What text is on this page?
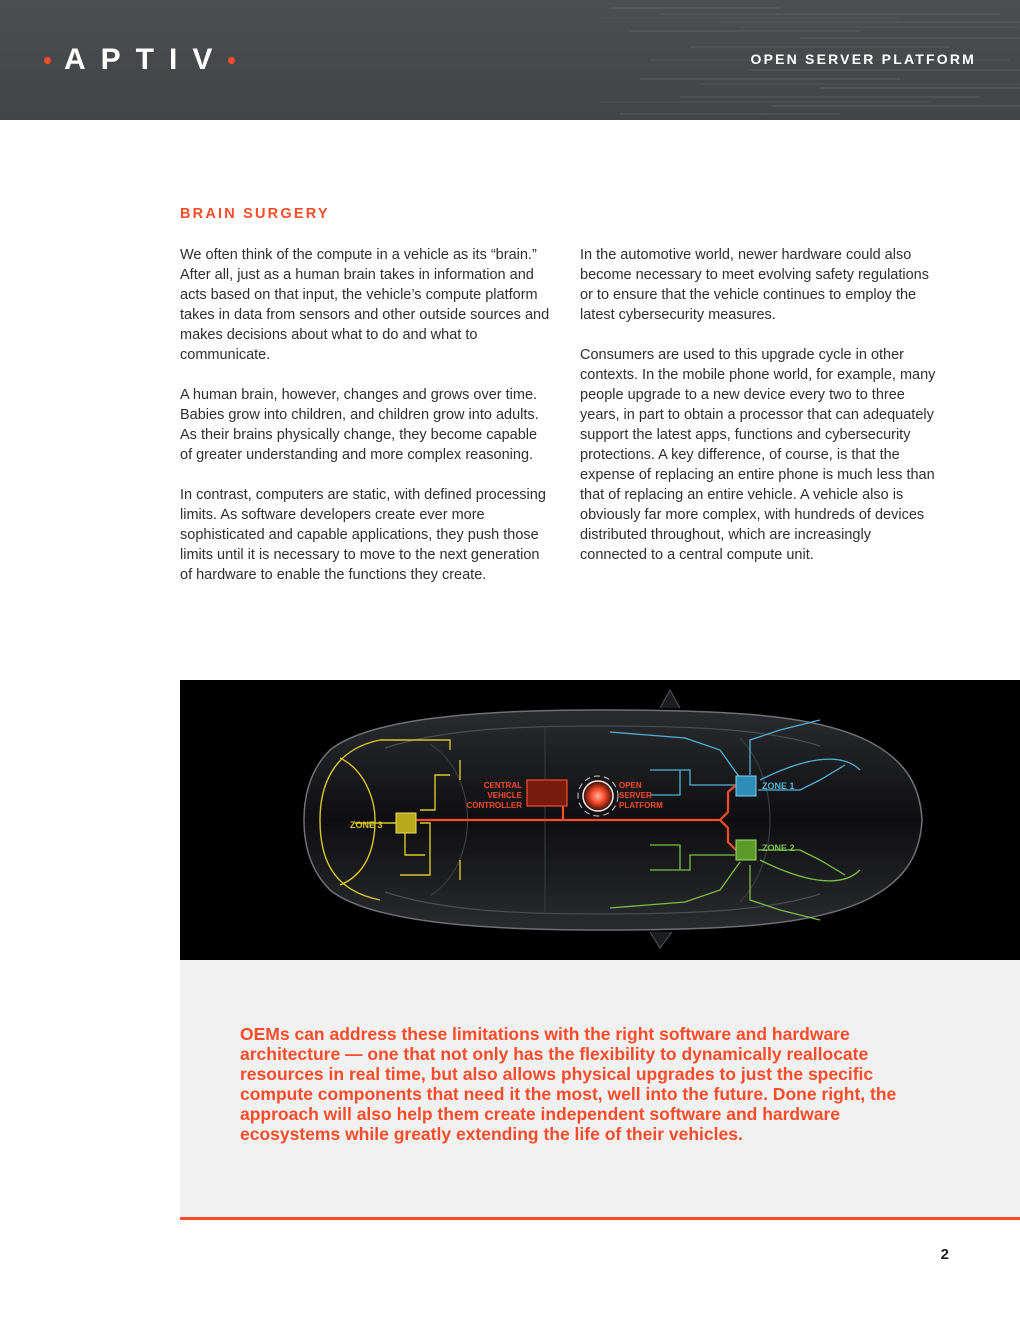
APTIV	OPEN SERVER PLATFORM
BRAIN SURGERY

We often think of the compute in a vehicle as its “brain.” After all, just as a human brain takes in information and acts based on that input, the vehicle’s compute platform takes in data from sensors and other outside sources and makes decisions about what to do and what to communicate.

A human brain, however, changes and grows over time. Babies grow into children, and children grow into adults. As their brains physically change, they become capable of greater understanding and more complex reasoning.

In contrast, computers are static, with defined processing limits. As software developers create ever more sophisticated and capable applications, they push those limits until it is necessary to move to the next generation of hardware to enable the functions they create.

In the automotive world, newer hardware could also become necessary to meet evolving safety regulations or to ensure that the vehicle continues to employ the latest cybersecurity measures.

Consumers are used to this upgrade cycle in other contexts. In the mobile phone world, for example, many people upgrade to a new device every two to three years, in part to obtain a processor that can adequately support the latest apps, functions and cybersecurity protections. A key difference, of course, is that the expense of replacing an entire phone is much less than that of replacing an entire vehicle. A vehicle also is obviously far more complex, with hundreds of devices distributed throughout, which are increasingly connected to a central compute unit.

CENTRAL
VEHICLE
CONTROLLER
OPEN
SERVER
PLATFORM
ZONE 1
ZONE 2
ZONE 3
OEMs can address these limitations with the right software and hardware architecture — one that not only has the flexibility to dynamically reallocate resources in real time, but also allows physical upgrades to just the specific compute components that need it the most, well into the future. Done right, the approach will also help them create independent software and hardware ecosystems while greatly extending the life of their vehicles.
2
